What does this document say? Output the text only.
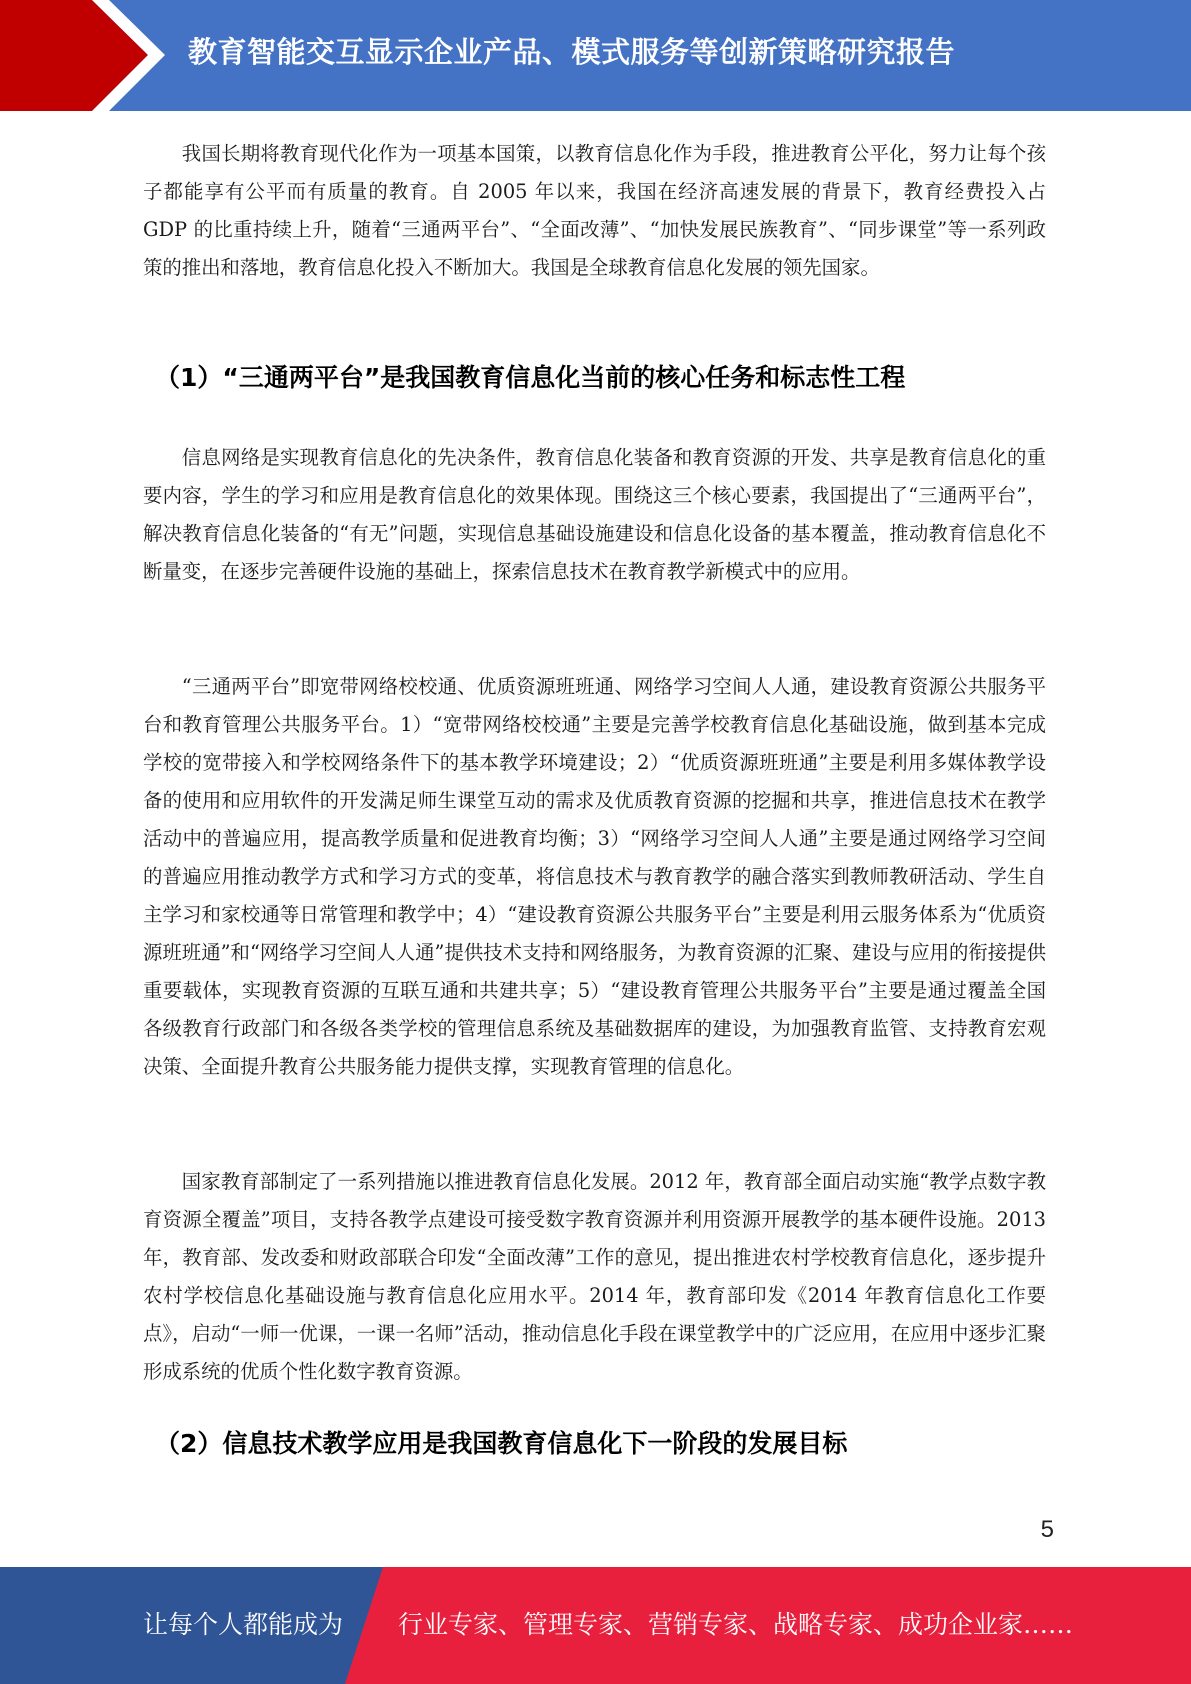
教育智能交互显示企业产品、模式服务等创新策略研究报告

我国长期将教育现代化作为一项基本国策，以教育信息化作为手段，推进教育公平化，努力让每个孩子都能享有公平而有质量的教育。自 2005 年以来，我国在经济高速发展的背景下，教育经费投入占 GDP 的比重持续上升，随着“三通两平台”、“全面改薄”、“加快发展民族教育”、“同步课堂”等一系列政策的推出和落地，教育信息化投入不断加大。我国是全球教育信息化发展的领先国家。

（1）“三通两平台”是我国教育信息化当前的核心任务和标志性工程

信息网络是实现教育信息化的先决条件，教育信息化装备和教育资源的开发、共享是教育信息化的重要内容，学生的学习和应用是教育信息化的效果体现。围绕这三个核心要素，我国提出了“三通两平台”，解决教育信息化装备的“有无”问题，实现信息基础设施建设和信息化设备的基本覆盖，推动教育信息化不断量变，在逐步完善硬件设施的基础上，探索信息技术在教育教学新模式中的应用。

“三通两平台”即宽带网络校校通、优质资源班班通、网络学习空间人人通，建设教育资源公共服务平台和教育管理公共服务平台。1）“宽带网络校校通”主要是完善学校教育信息化基础设施，做到基本完成学校的宽带接入和学校网络条件下的基本教学环境建设；2）“优质资源班班通”主要是利用多媒体教学设备的使用和应用软件的开发满足师生课堂互动的需求及优质教育资源的挖掘和共享，推进信息技术在教学活动中的普遍应用，提高教学质量和促进教育均衡；3）“网络学习空间人人通”主要是通过网络学习空间的普遍应用推动教学方式和学习方式的变革，将信息技术与教育教学的融合落实到教师教研活动、学生自主学习和家校通等日常管理和教学中；4）“建设教育资源公共服务平台”主要是利用云服务体系为“优质资源班班通”和“网络学习空间人人通”提供技术支持和网络服务，为教育资源的汇聚、建设与应用的衔接提供重要载体，实现教育资源的互联互通和共建共享；5）“建设教育管理公共服务平台”主要是通过覆盖全国各级教育行政部门和各级各类学校的管理信息系统及基础数据库的建设，为加强教育监管、支持教育宏观决策、全面提升教育公共服务能力提供支撑，实现教育管理的信息化。

国家教育部制定了一系列措施以推进教育信息化发展。2012 年，教育部全面启动实施“教学点数字教育资源全覆盖”项目，支持各教学点建设可接受数字教育资源并利用资源开展教学的基本硬件设施。2013 年，教育部、发改委和财政部联合印发“全面改薄”工作的意见，提出推进农村学校教育信息化，逐步提升农村学校信息化基础设施与教育信息化应用水平。2014 年，教育部印发《2014 年教育信息化工作要点》，启动“一师一优课，一课一名师”活动，推动信息化手段在课堂教学中的广泛应用，在应用中逐步汇聚形成系统的优质个性化数字教育资源。

（2）信息技术教学应用是我国教育信息化下一阶段的发展目标
5
让每个人都能成为 行业专家、管理专家、营销专家、战略专家、成功企业家……
